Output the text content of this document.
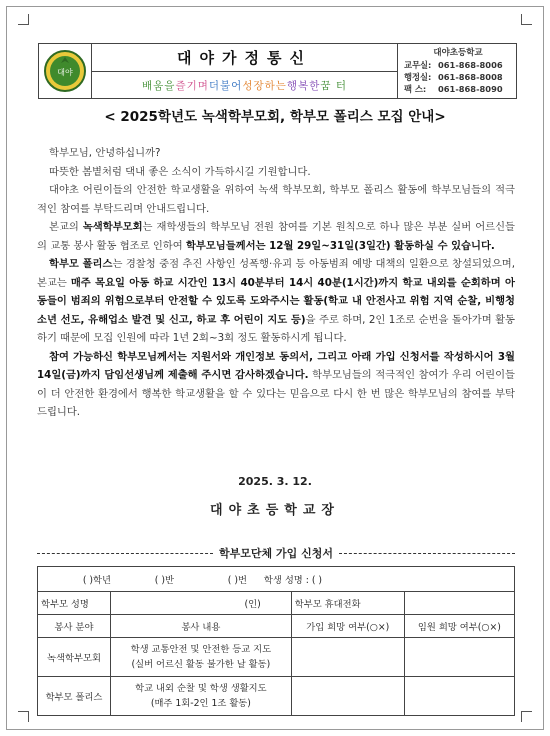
대야
대야가정통신
배움을 즐기며 더불어 성장하는 행복한 꿈 터
대야초등학교
교무실: 061-868-8006
행정실: 061-868-8008
팩 스:	061-868-8090
< 2025학년도 녹색학부모회, 학부모 폴리스 모집 안내>

학부모님, 안녕하십니까?

따뜻한 봄볕처럼 댁내 좋은 소식이 가득하시길 기원합니다.

대야초 어린이들의 안전한 학교생활을 위하여 녹색 학부모회, 학부모 폴리스 활동에 학부모님들의 적극적인 참여를 부탁드리며 안내드립니다.

본교의 녹색학부모회는 재학생들의 학부모님 전원 참여를 기본 원칙으로 하나 많은 부분 실버 어르신들의 교통 봉사 활동 협조로 인하여 학부모님들께서는 12월 29일~31일(3일간) 활동하실 수 있습니다.

학부모 폴리스는 경찰청 중점 추진 사항인 성폭행·유괴 등 아동범죄 예방 대책의 일환으로 창설되었으며, 본교는 매주 목요일 아동 하교 시간인 13시 40분부터 14시 40분(1시간)까지 학교 내외를 순회하며 아동들이 범죄의 위험으로부터 안전할 수 있도록 도와주시는 활동(학교 내 안전사고 위험 지역 순찰, 비행청소년 선도, 유해업소 발견 및 신고, 하교 후 어린이 지도 등)을 주로 하며, 2인 1조로 순번을 돌아가며 활동하기 때문에 모집 인원에 따라 1년 2회~3회 정도 활동하시게 됩니다.

참여 가능하신 학부모님께서는 지원서와 개인정보 동의서, 그리고 아래 가입 신청서를 작성하시어 3월 14일(금)까지 담임선생님께 제출해 주시면 감사하겠습니다. 학부모님들의 적극적인 참여가 우리 어린이들이 더 안전한 환경에서 행복한 학교생활을 할 수 있다는 믿음으로 다시 한 번 많은 학부모님의 참여를 부탁드립니다.

2025. 3. 12.
대야초등학교장
학부모단체 가입 신청서
( )학년 ( )반 ( )번 학생 성명 : ( )			
학부모 성명	(인)	학부모 휴대전화	
봉사 분야	봉사 내용	가입 희망 여부(○×)	임원 희망 여부(○×)
녹색학부모회	학생 교통안전 및 안전한 등교 지도
(실버 어르신 활동 불가한 날 활동)		

학부모 폴리스	학교 내외 순찰 및 학생 생활지도
(매주 1회-2인 1조 활동)		
